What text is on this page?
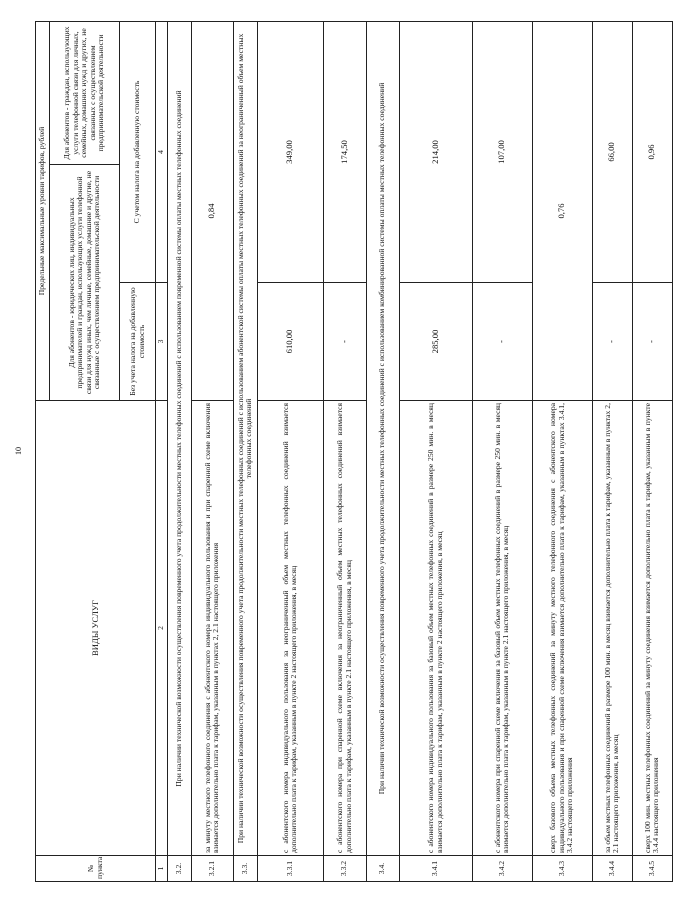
10
№ пункта	ВИДЫ УСЛУГ	Предельные максимальные уровни тарифов, рублей		
		Для абонентов - юридических лиц, индивидуальных предпринимателей и граждан, использующих услуги телефонной связи для нужд иных, чем личные, семейные, домашние и другие, не связанные с осуществлением предпринимательской деятельности		Для абонентов - граждан, использующих услуги телефонной связи для личных, семейных, домашних нужд и других, не связанных с осуществлением предпринимательской деятельности
		Без учета налога на добавленную стоимость	С учетом налога на добавленную стоимость	
1	2	3	4	
3.2.	При наличии технической возможности осуществления повременного учета продолжительности местных телефонных соединений с использованием повременной системы оплаты местных телефонных соединений			
3.2.1	за минуту местного телефонного соединения с абонентского номера индивидуального пользования и при спаренной схеме включения взимается дополнительно плата к тарифам, указанным в пунктах 2, 2.1 настоящего приложения	0,84		
3.3.	При наличии технической возможности осуществления повременного учета продолжительности местных телефонных соединений с использованием абонентской системы оплаты местных телефонных соединений за неограниченный объем местных телефонных соединений			
3.3.1	с абонентского номера индивидуального пользования за неограниченный объем местных телефонных соединений взимается дополнительно плата к тарифам, указанным в пункте 2 настоящего приложения, в месяц	610,00	349,00	
3.3.2	с абонентского номера при спаренной схеме включения за неограниченный объем местных телефонных соединений взимается дополнительно плата к тарифам, указанным в пункте 2.1 настоящего приложения, в месяц	-	174,50	
3.4.	При наличии технической возможности осуществления повременного учета продолжительности местных телефонных соединений с использованием комбинированной системы оплаты местных телефонных соединений			
3.4.1	с абонентского номера индивидуального пользования за базовый объем местных телефонных соединений в размере 250 мин. в месяц взимается дополнительно плата к тарифам, указанным в пункте 2 настоящего приложения, в месяц	285,00	214,00	
3.4.2	с абонентского номера при спаренной схеме включения за базовый объем местных телефонных соединений в размере 250 мин. в месяц взимается дополнительно плата к тарифам, указанным в пункте 2.1 настоящего приложения, в месяц	-	107,00	
3.4.3	сверх базового объема местных телефонных соединений за минуту местного телефонного соединения с абонентского номера индивидуального пользования и при спаренной схеме включения взимается дополнительно плата к тарифам, указанным в пунктах 3.4.1, 3.4.2 настоящего приложения	0,76		
3.4.4	за объем местных телефонных соединений в размере 100 мин. в месяц взимается дополнительно плата к тарифам, указанным в пунктах 2, 2.1 настоящего приложения, в месяц	-	66,00	
3.4.5	сверх 100 мин. местных телефонных соединений за минуту соединения взимается дополнительно плата к тарифам, указанным в пункте 3.4.4 настоящего приложения	-	0,96	
